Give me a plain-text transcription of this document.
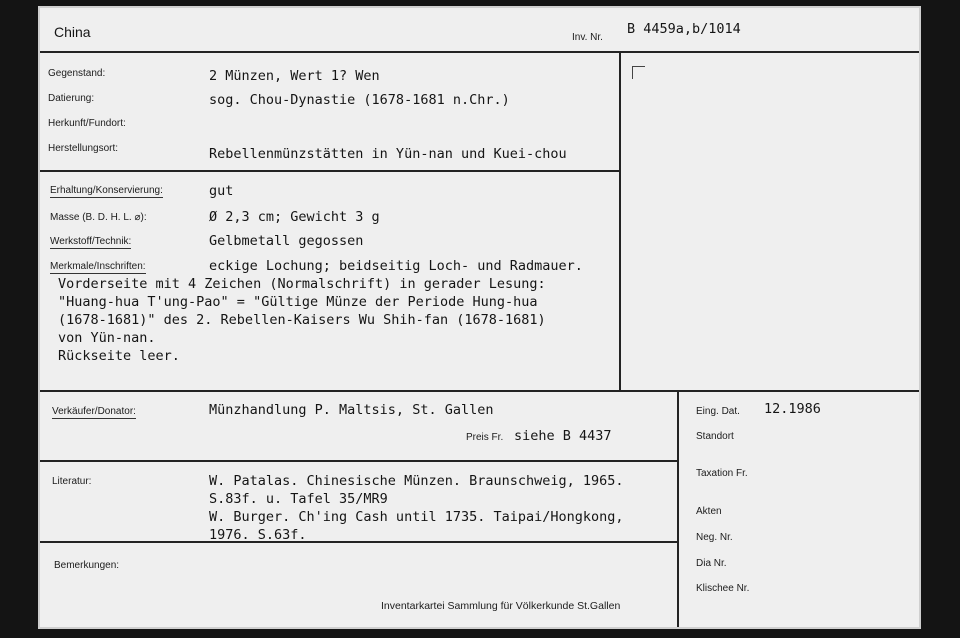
China	Inv. Nr.
B 4459a,b/1014
Gegenstand:	2 Münzen, Wert 1? Wen
Datierung:	sog. Chou-Dynastie (1678-1681 n.Chr.)
Herkunft/Fundort:
Herstellungsort:	Rebellenmünzstätten in Yün-nan und Kuei-chou
Erhaltung/Konservierung:	gut
Masse (B. D. H. L. ⌀):	Ø 2,3 cm; Gewicht 3 g
Werkstoff/Technik:	Gelbmetall gegossen
Merkmale/Inschriften:	eckige Lochung; beidseitig Loch- und Radmauer.
Vorderseite mit 4 Zeichen (Normalschrift) in gerader Lesung:
"Huang-hua T'ung-Pao" = "Gültige Münze der Periode Hung-hua
(1678-1681)" des 2. Rebellen-Kaisers Wu Shih-fan (1678-1681)
von Yün-nan.
Rückseite leer.
Verkäufer/Donator:	Münzhandlung P. Maltsis, St. Gallen
Preis Fr. siehe B 4437
Literatur:	W. Patalas. Chinesische Münzen. Braunschweig, 1965.
S.83f. u. Tafel 35/MR9
W. Burger. Ch'ing Cash until 1735. Taipai/Hongkong,
1976. S.63f.
Bemerkungen:
Inventarkartei Sammlung für Völkerkunde St.Gallen
Eing. Dat. 12.1986
Standort
Taxation Fr.
Akten
Neg. Nr.
Dia Nr.
Klischee Nr.
